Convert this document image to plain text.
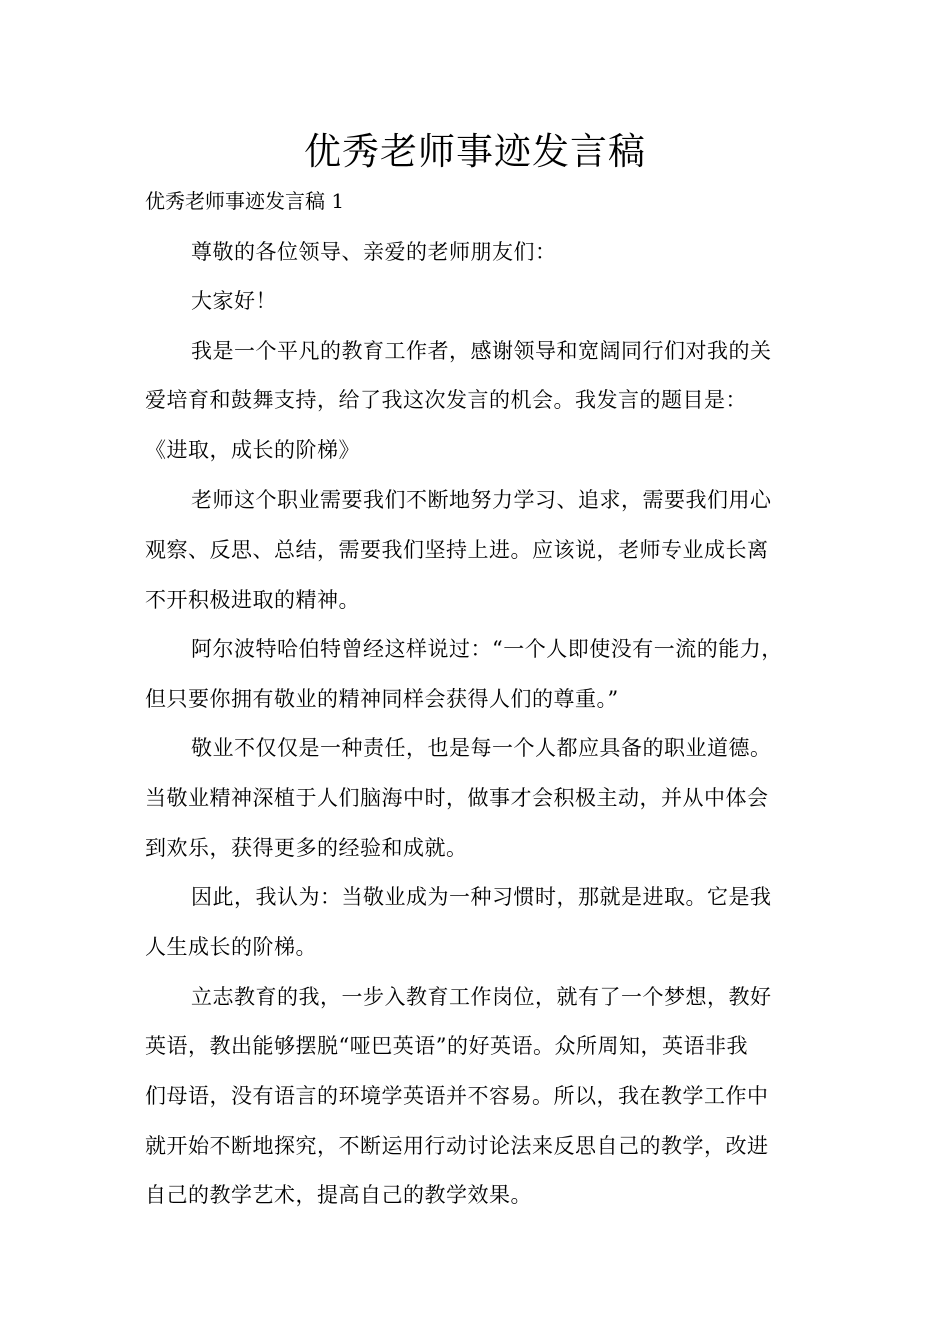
优秀老师事迹发言稿
优秀老师事迹发言稿 1
尊敬的各位领导、亲爱的老师朋友们：
大家好！
我是一个平凡的教育工作者，感谢领导和宽阔同行们对我的关
爱培育和鼓舞支持，给了我这次发言的机会。我发言的题目是：
《进取，成长的阶梯》
老师这个职业需要我们不断地努力学习、追求，需要我们用心
观察、反思、总结，需要我们坚持上进。应该说，老师专业成长离
不开积极进取的精神。
阿尔波特哈伯特曾经这样说过：“一个人即使没有一流的能力，
但只要你拥有敬业的精神同样会获得人们的尊重。”
敬业不仅仅是一种责任，也是每一个人都应具备的职业道德。
当敬业精神深植于人们脑海中时，做事才会积极主动，并从中体会
到欢乐，获得更多的经验和成就。
因此，我认为：当敬业成为一种习惯时，那就是进取。它是我
人生成长的阶梯。
立志教育的我，一步入教育工作岗位，就有了一个梦想，教好
英语，教出能够摆脱“哑巴英语”的好英语。众所周知，英语非我
们母语，没有语言的环境学英语并不容易。所以，我在教学工作中
就开始不断地探究，不断运用行动讨论法来反思自己的教学，改进
自己的教学艺术，提高自己的教学效果。
